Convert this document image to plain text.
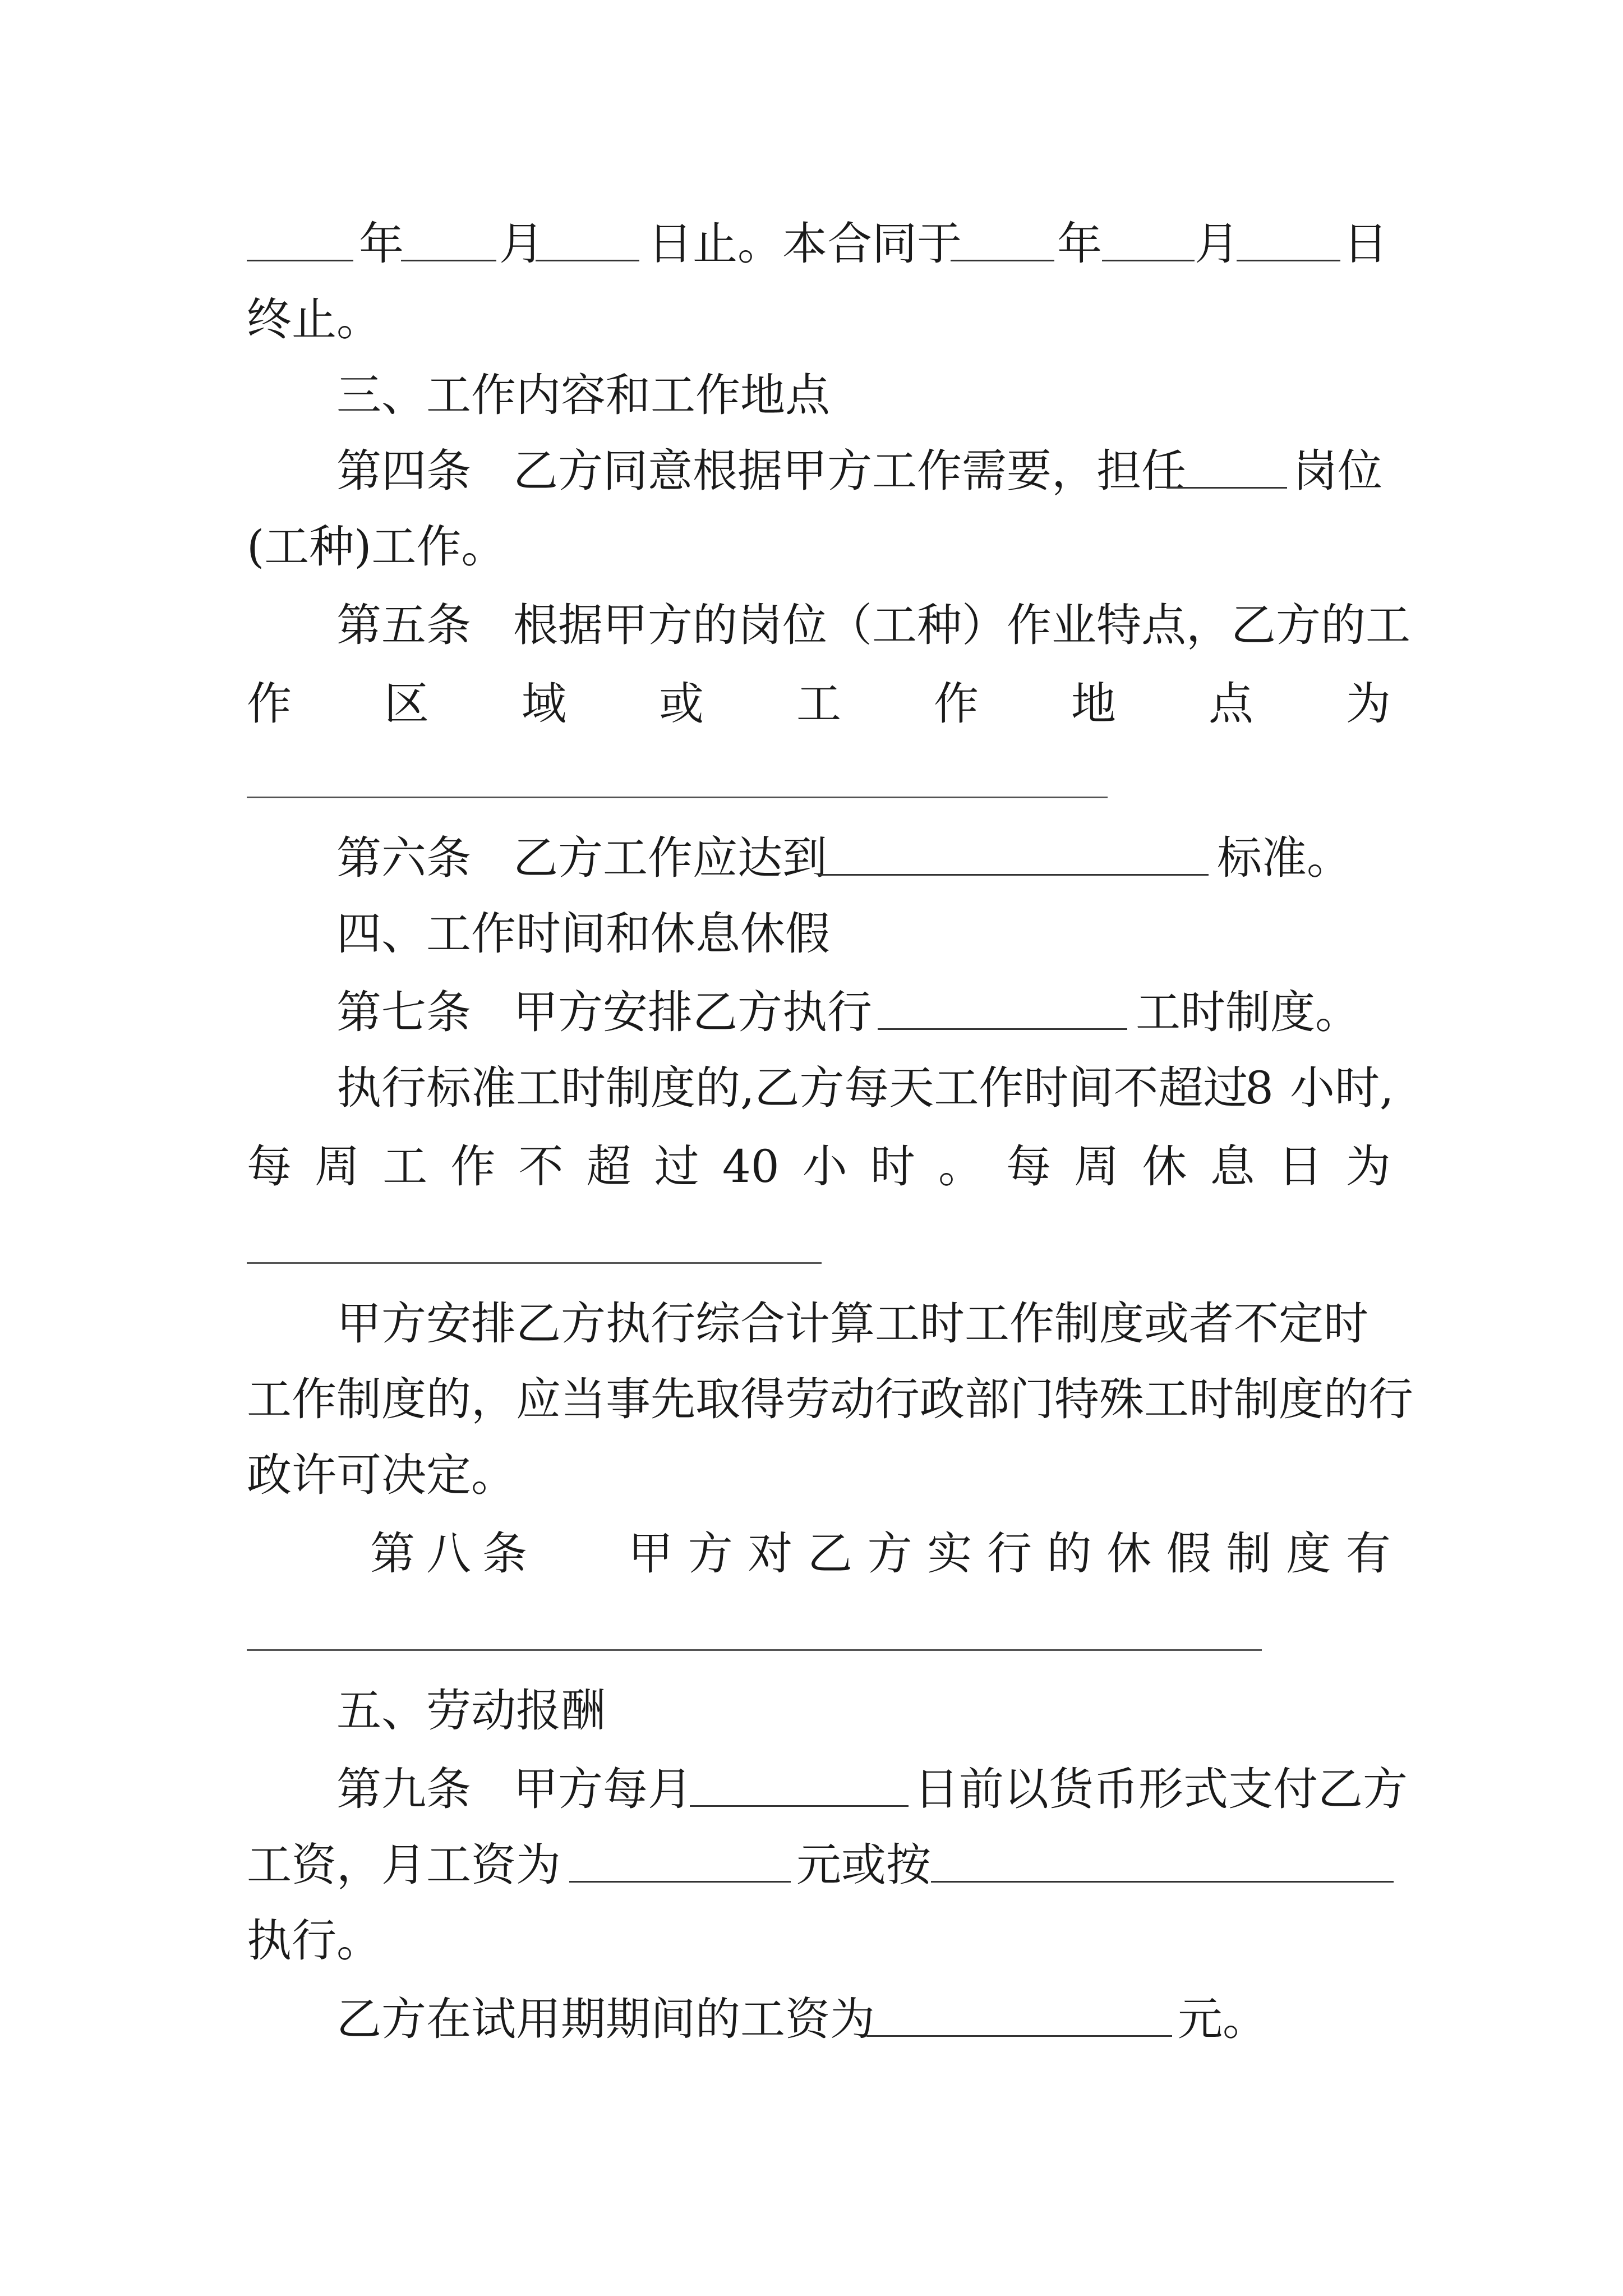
年 月 日止。本合同于 年 月 日
终止。
三、工作内容和工作地点
第四条 乙方同意根据甲方工作需要，担任 岗位
(工种)工作。
第五条 根据甲方的岗位（工种）作业特点，乙方的工
作 区 域 或 工 作 地 点 为
第六条 乙方工作应达到	标准。
四、工作时间和休息休假
第七条 甲方安排乙方执行	工时制度。
执行标准工时制度的,乙方每天工作时间不超过
8 小时,
每 周 工 作 不 超 过 40 小 时 。 每 周 休 息 日 为
甲方安排乙方执行综合计算工时工作制度或者不定时
工作制度的，应当事先取得劳动行政部门特殊工时制度的行
政许可决定。
第 八 条 甲 方 对 乙 方 实 行 的 休 假 制 度 有
五、劳动报酬
第九条 甲方每月	日前以货币形式支付乙方
工资，月工资为	元或按
执行。
乙方在试用期期间的工资为	元。
